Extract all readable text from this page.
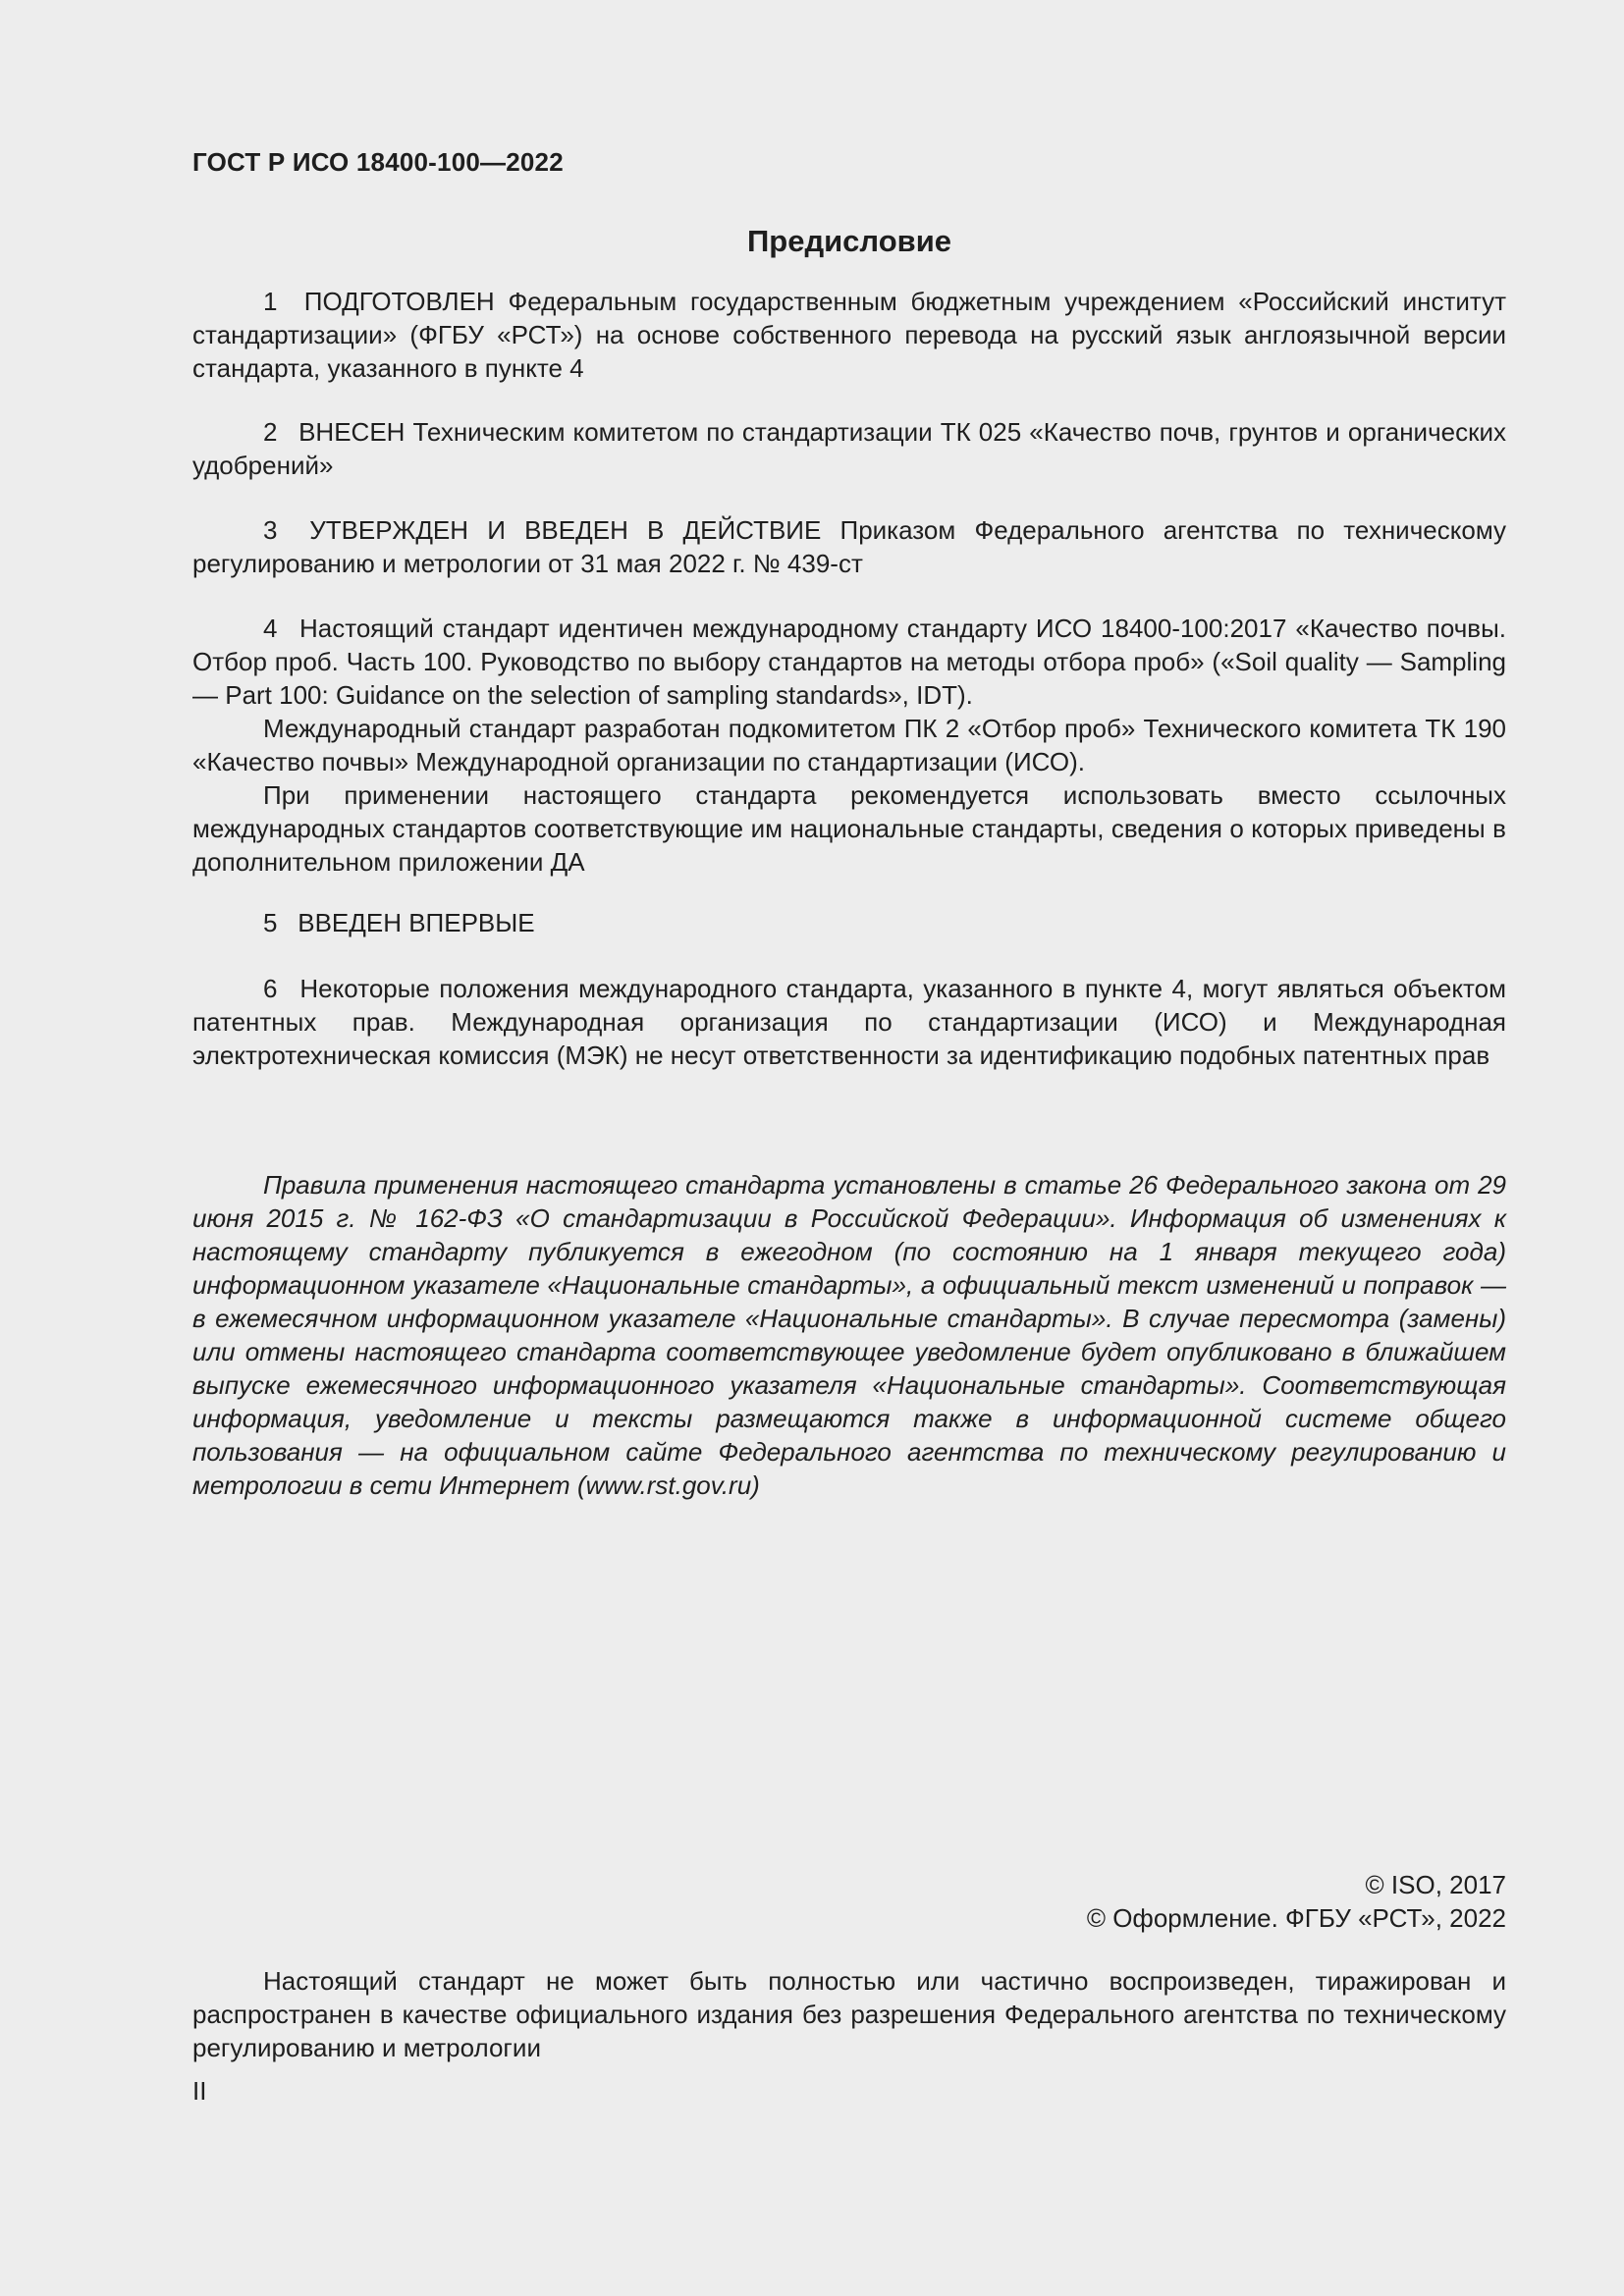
ГОСТ Р ИСО 18400-100—2022
Предисловие

1 ПОДГОТОВЛЕН Федеральным государственным бюджетным учреждением «Российский институт стандартизации» (ФГБУ «РСТ») на основе собственного перевода на русский язык англоязычной версии стандарта, указанного в пункте 4

2 ВНЕСЕН Техническим комитетом по стандартизации ТК 025 «Качество почв, грунтов и органических удобрений»

3 УТВЕРЖДЕН И ВВЕДЕН В ДЕЙСТВИЕ Приказом Федерального агентства по техническому регулированию и метрологии от 31 мая 2022 г. № 439-ст

4 Настоящий стандарт идентичен международному стандарту ИСО 18400-100:2017 «Качество почвы. Отбор проб. Часть 100. Руководство по выбору стандартов на методы отбора проб» («Soil quality — Sampling — Part 100: Guidance on the selection of sampling standards», IDT).

Международный стандарт разработан подкомитетом ПК 2 «Отбор проб» Технического комитета ТК 190 «Качество почвы» Международной организации по стандартизации (ИСО).

При применении настоящего стандарта рекомендуется использовать вместо ссылочных международных стандартов соответствующие им национальные стандарты, сведения о которых приведены в дополнительном приложении ДА

5 ВВЕДЕН ВПЕРВЫЕ

6 Некоторые положения международного стандарта, указанного в пункте 4, могут являться объектом патентных прав. Международная организация по стандартизации (ИСО) и Международная электротехническая комиссия (МЭК) не несут ответственности за идентификацию подобных патентных прав

Правила применения настоящего стандарта установлены в статье 26 Федерального закона от 29 июня 2015 г. № 162-ФЗ «О стандартизации в Российской Федерации». Информация об изменениях к настоящему стандарту публикуется в ежегодном (по состоянию на 1 января текущего года) информационном указателе «Национальные стандарты», а официальный текст изменений и поправок — в ежемесячном информационном указателе «Национальные стандарты». В случае пересмотра (замены) или отмены настоящего стандарта соответствующее уведомление будет опубликовано в ближайшем выпуске ежемесячного информационного указателя «Национальные стандарты». Соответствующая информация, уведомление и тексты размещаются также в информационной системе общего пользования — на официальном сайте Федерального агентства по техническому регулированию и метрологии в сети Интернет (www.rst.gov.ru)

© ISO, 2017
© Оформление. ФГБУ «РСТ», 2022

Настоящий стандарт не может быть полностью или частично воспроизведен, тиражирован и распространен в качестве официального издания без разрешения Федерального агентства по техническому регулированию и метрологии

II
